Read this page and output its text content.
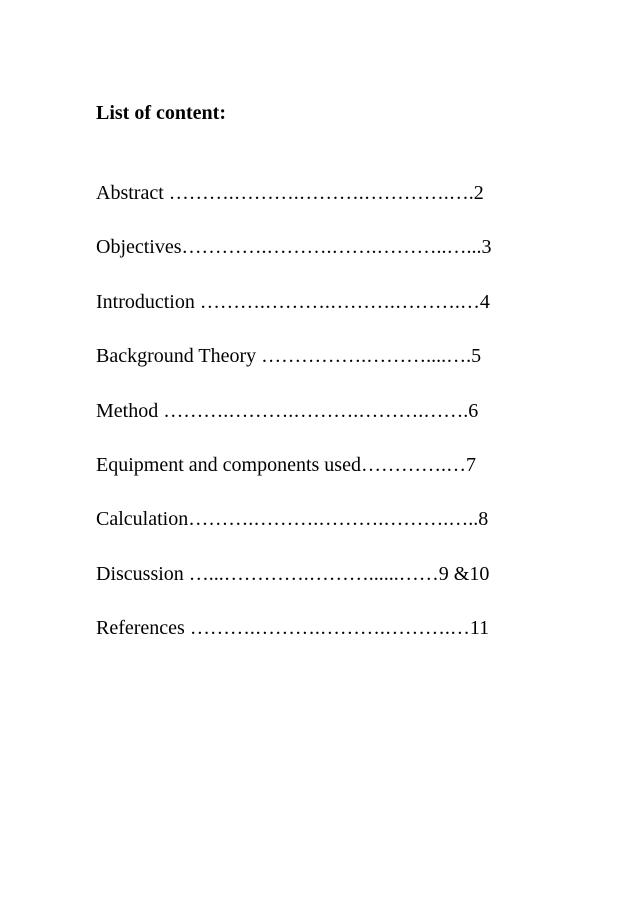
List of content:
Abstract ……….……….……….………….….2
Objectives………….……….…….………..…...3
Introduction ……….……….……….……….…4
Background Theory …………….………....….5
Method ……….……….……….……….…….6
Equipment and components used………….…7
Calculation……….……….……….……….…..8
Discussion …...………….………......……9 &10
References ……….……….……….……….…11
